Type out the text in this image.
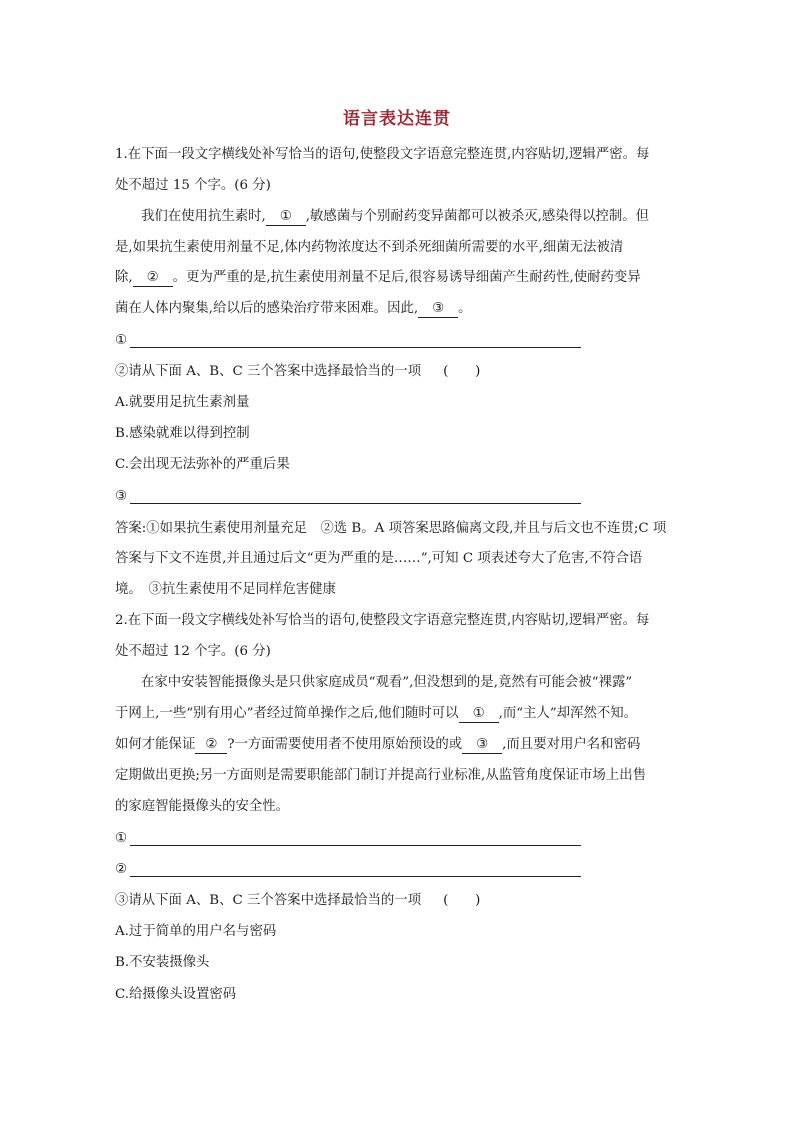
语言表达连贯
1.在下面一段文字横线处补写恰当的语句,使整段文字语意完整连贯,内容贴切,逻辑严密。每
处不超过 15 个字。(6 分)
我们在使用抗生素时, ① ,敏感菌与个别耐药变异菌都可以被杀灭,感染得以控制。但
是,如果抗生素使用剂量不足,体内药物浓度达不到杀死细菌所需要的水平,细菌无法被清
除, ② 。更为严重的是,抗生素使用剂量不足后,很容易诱导细菌产生耐药性,使耐药变异
菌在人体内聚集,给以后的感染治疗带来困难。因此, ③ 。
①
②请从下面 A、B、C 三个答案中选择最恰当的一项 (　　)
A.就要用足抗生素剂量
B.感染就难以得到控制
C.会出现无法弥补的严重后果
③
答案:①如果抗生素使用剂量充足　②选 B。A 项答案思路偏离文段,并且与后文也不连贯;C 项
答案与下文不连贯,并且通过后文“更为严重的是……”,可知 C 项表述夸大了危害,不符合语
境。　③抗生素使用不足同样危害健康
2.在下面一段文字横线处补写恰当的语句,使整段文字语意完整连贯,内容贴切,逻辑严密。每
处不超过 12 个字。(6 分)
在家中安装智能摄像头是只供家庭成员“观看”,但没想到的是,竟然有可能会被“裸露”
于网上,一些“别有用心”者经过简单操作之后,他们随时可以 ① ,而“主人”却浑然不知。
如何才能保证 ② ?一方面需要使用者不使用原始预设的或 ③ ,而且要对用户名和密码
定期做出更换;另一方面则是需要职能部门制订并提高行业标准,从监管角度保证市场上出售
的家庭智能摄像头的安全性。
①
②
③请从下面 A、B、C 三个答案中选择最恰当的一项 (　　)
A.过于简单的用户名与密码
B.不安装摄像头
C.给摄像头设置密码
